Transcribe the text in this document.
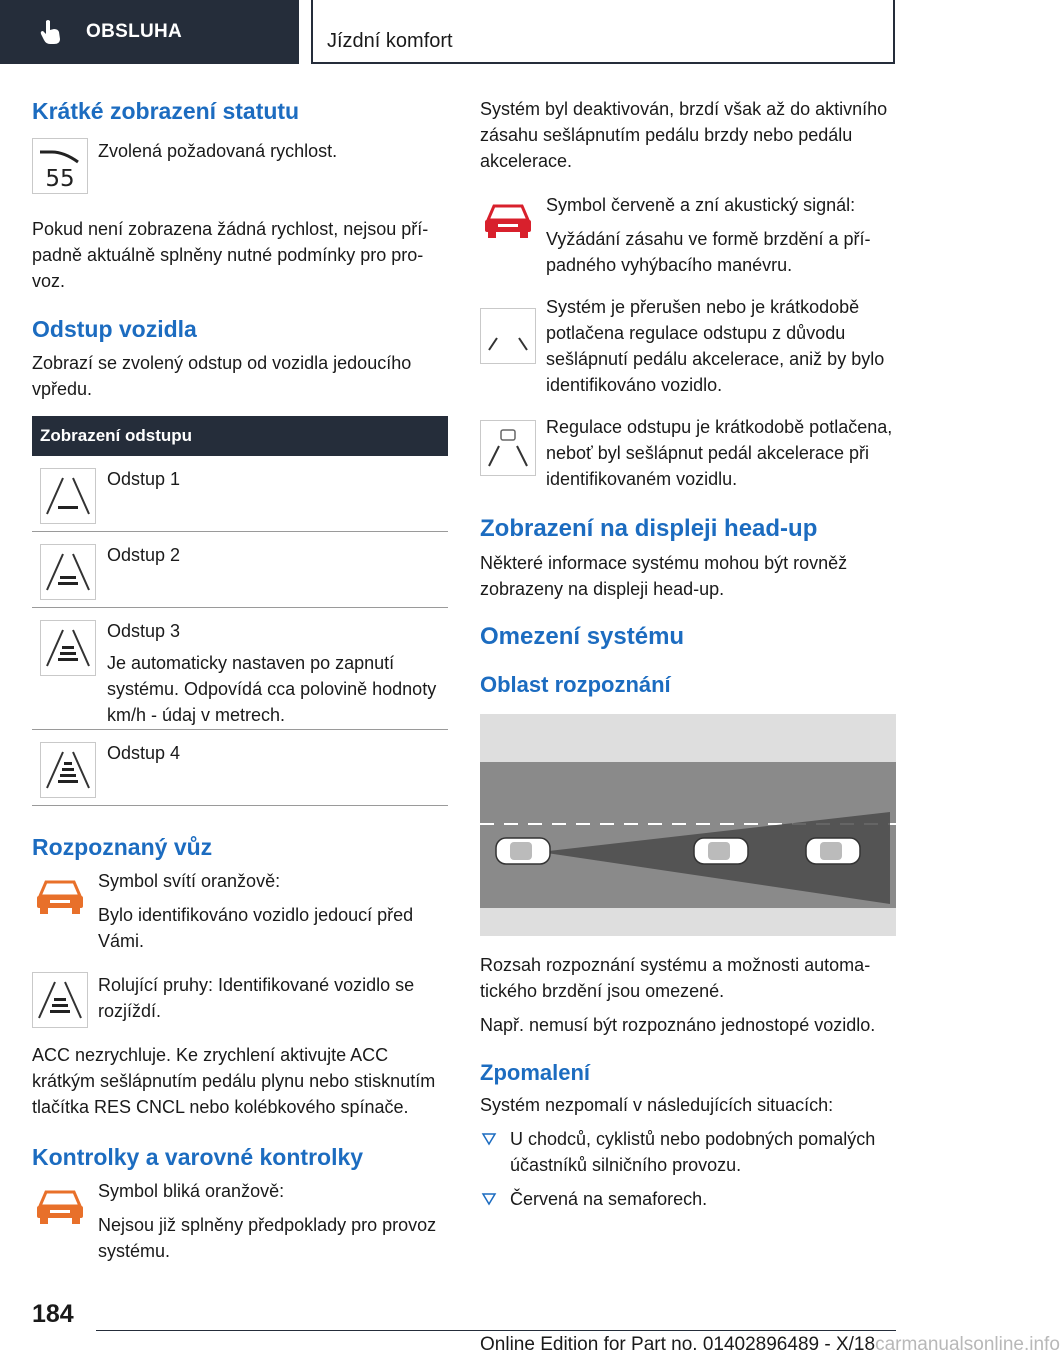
OBSLUHA	Jízdní komfort
Krátké zobrazení statutu
55

Zvolená požadovaná rychlost.

Pokud není zobrazena žádná rychlost, nejsou případně aktuálně splněny nutné podmínky pro provoz.

Odstup vozidla

Zobrazí se zvolený odstup od vozidla jedoucího vpředu.

Zobrazení odstupu

Odstup 1

Odstup 2

Odstup 3

Je automaticky nastaven po zapnutí systému. Odpovídá cca polovině hodnoty km/h - údaj v metrech.

Odstup 4

Rozpoznaný vůz

Symbol svítí oranžově:

Bylo identifikováno vozidlo jedoucí před Vámi.

Rolující pruhy: Identifikované vozidlo se rozjíždí.

ACC nezrychluje. Ke zrychlení aktivujte ACC krátkým sešlápnutím pedálu plynu nebo stisknutím tlačítka RES CNCL nebo kolébkového spínače.

Kontrolky a varovné kontrolky

Symbol bliká oranžově:

Nejsou již splněny předpoklady pro provoz systému.

Systém byl deaktivován, brzdí však až do aktivního zásahu sešlápnutím pedálu brzdy nebo pedálu akcelerace.

Symbol červeně a zní akustický signál:

Vyžádání zásahu ve formě brzdění a případného vyhýbacího manévru.

Systém je přerušen nebo je krátkodobě potlačena regulace odstupu z důvodu sešlápnutí pedálu akcelerace, aniž by bylo identifikováno vozidlo.

Regulace odstupu je krátkodobě potlačena, neboť byl sešlápnut pedál akcelerace při identifikovaném vozidlu.

Zobrazení na displeji head-up

Některé informace systému mohou být rovněž zobrazeny na displeji head-up.

Omezení systému
Oblast rozpoznání

Rozsah rozpoznání systému a možnosti automatického brzdění jsou omezené.

Např. nemusí být rozpoznáno jednostopé vozidlo.

Zpomalení

Systém nezpomalí v následujících situacích:

U chodců, cyklistů nebo podobných pomalých účastníků silničního provozu.
Červená na semaforech.
184
Online Edition for Part no. 01402896489 - X/18carmanualsonline.info
